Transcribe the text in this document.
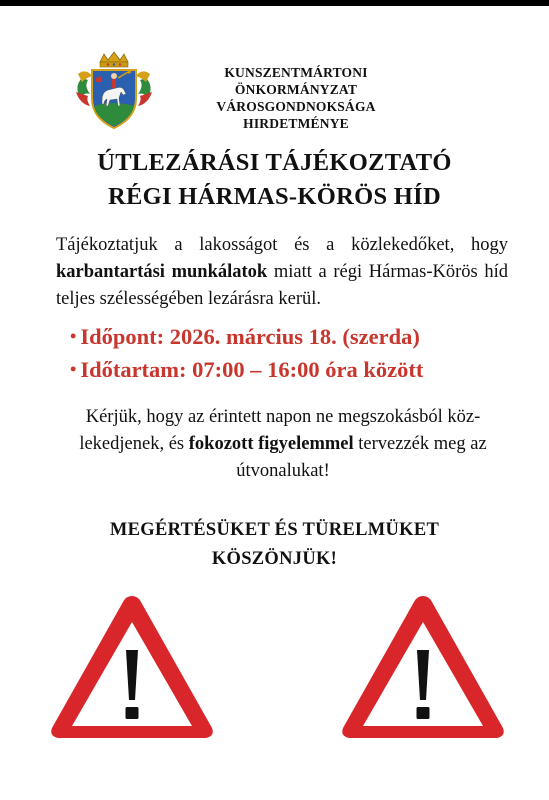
KUNSZENTMÁRTONI ÖNKORMÁNYZAT
VÁROSGONDNOKSÁGA
HIRDETMÉNYE
ÚTLEZÁRÁSI TÁJÉKOZTATÓ
RÉGI HÁRMAS-KÖRÖS HÍD
Tájékoztatjuk a lakosságot és a közlekedőket, hogy karbantartási munkálatok miatt a régi Hármas-Körös híd teljes szélességében lezárásra kerül.
• Időpont: 2026. március 18. (szerda)
• Időtartam: 07:00 – 16:00 óra között
Kérjük, hogy az érintett napon ne megszokásból köz-lekedjenek, és fokozott figyelemmel tervezzék meg az útvonalukat!
MEGÉRTÉSÜKET ÉS TÜRELMÜKET
KÖSZÖNJÜK!
